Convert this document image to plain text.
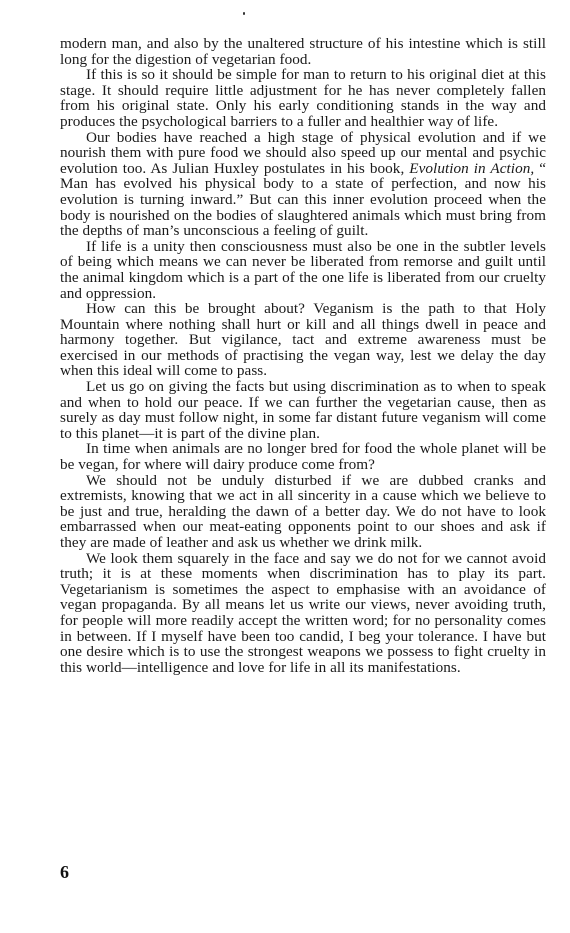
modern man, and also by the unaltered structure of his intestine which is still long for the digestion of vegetarian food.

If this is so it should be simple for man to return to his original diet at this stage. It should require little adjustment for he has never completely fallen from his original state. Only his early conditioning stands in the way and produces the psychological barriers to a fuller and healthier way of life.

Our bodies have reached a high stage of physical evolution and if we nourish them with pure food we should also speed up our mental and psychic evolution too. As Julian Huxley postulates in his book, Evolution in Action, “ Man has evolved his physical body to a state of perfection, and now his evolution is turning inward.” But can this inner evolution proceed when the body is nourished on the bodies of slaughtered animals which must bring from the depths of man’s unconscious a feeling of guilt.

If life is a unity then consciousness must also be one in the subtler levels of being which means we can never be liberated from remorse and guilt until the animal kingdom which is a part of the one life is liberated from our cruelty and oppression.

How can this be brought about? Veganism is the path to that Holy Mountain where nothing shall hurt or kill and all things dwell in peace and harmony together. But vigilance, tact and extreme awareness must be exercised in our methods of practising the vegan way, lest we delay the day when this ideal will come to pass.

Let us go on giving the facts but using discrimination as to when to speak and when to hold our peace. If we can further the vegetarian cause, then as surely as day must follow night, in some far distant future veganism will come to this planet—it is part of the divine plan.

In time when animals are no longer bred for food the whole planet will be be vegan, for where will dairy produce come from?

We should not be unduly disturbed if we are dubbed cranks and extremists, knowing that we act in all sincerity in a cause which we believe to be just and true, heralding the dawn of a better day. We do not have to look embarrassed when our meat-eating opponents point to our shoes and ask if they are made of leather and ask us whether we drink milk.

We look them squarely in the face and say we do not for we cannot avoid truth; it is at these moments when discrimination has to play its part. Vegetarianism is sometimes the aspect to emphasise with an avoidance of vegan propaganda. By all means let us write our views, never avoiding truth, for people will more readily accept the written word; for no personality comes in between. If I myself have been too candid, I beg your tolerance. I have but one desire which is to use the strongest weapons we possess to fight cruelty in this world—intelligence and love for life in all its manifestations.

6
